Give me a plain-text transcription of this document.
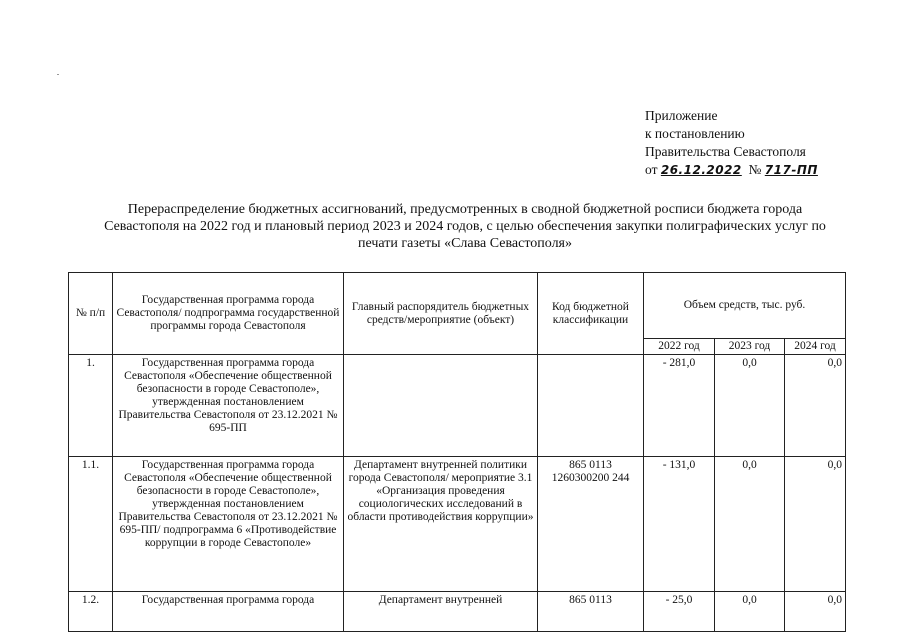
Приложение
к постановлению
Правительства Севастополя
от 26.12.2022 № 717-ПП
Перераспределение бюджетных ассигнований, предусмотренных в сводной бюджетной росписи бюджета города Севастополя на 2022 год и плановый период 2023 и 2024 годов, с целью обеспечения закупки полиграфических услуг по печати газеты «Слава Севастополя»
№ п/п	Государственная программа города Севастополя/ подпрограмма государственной программы города Севастополя	Главный распорядитель бюджетных средств/мероприятие (объект)	Код бюджетной классификации	Объем средств, тыс. руб.		
				2022 год	2023 год	2024 год
1.	Государственная программа города Севастополя «Обеспечение общественной безопасности в городе Севастополе», утвержденная постановлением Правительства Севастополя от 23.12.2021 № 695-ПП			- 281,0	0,0	0,0
1.1.	Государственная программа города Севастополя «Обеспечение общественной безопасности в городе Севастополе», утвержденная постановлением Правительства Севастополя от 23.12.2021 № 695-ПП/ подпрограмма 6 «Противодействие коррупции в городе Севастополе»	Департамент внутренней политики города Севастополя/ мероприятие 3.1 «Организация проведения социологических исследований в области противодействия коррупции»	865 0113 1260300200 244	- 131,0	0,0	0,0
1.2.	Государственная программа города	Департамент внутренней	865 0113	- 25,0	0,0	0,0
